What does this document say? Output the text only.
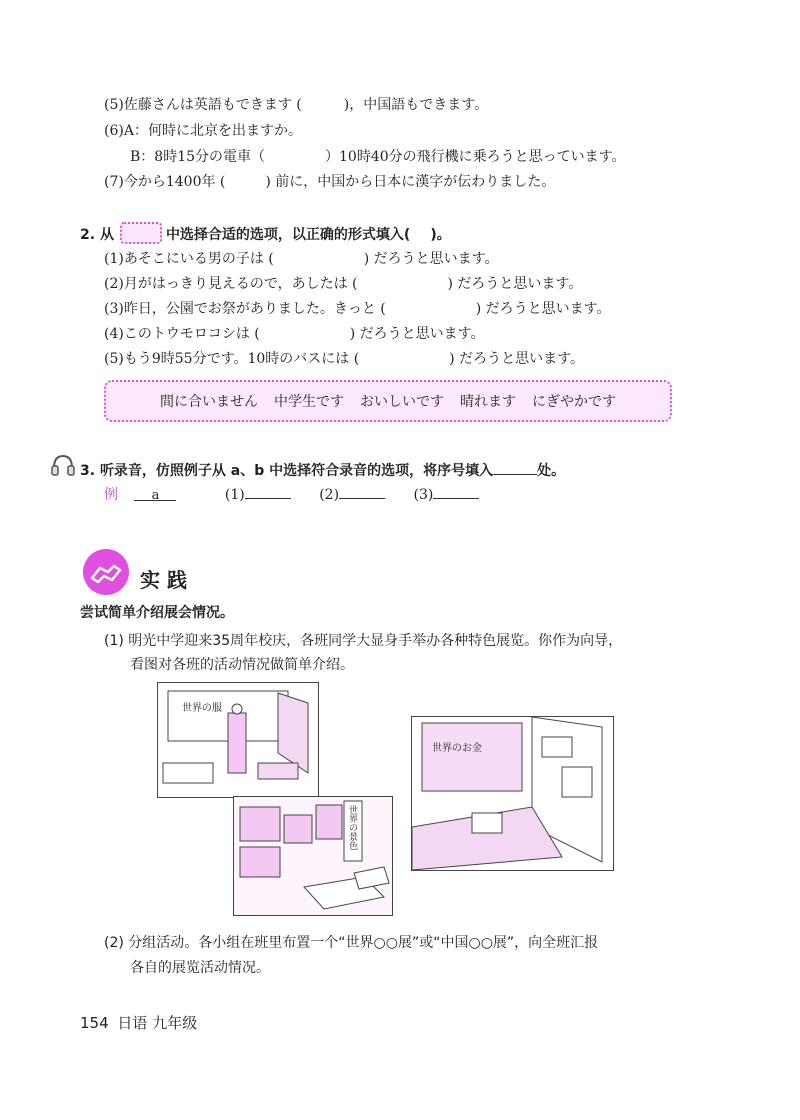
(5)佐藤さんは英語もできます (	)，中国語もできます。
(6)A：何時に北京を出ますか。
B：8時15分の電車（	）10時40分の飛行機に乗ろうと思っています。
(7)今から1400年 (	) 前に，中国から日本に漢字が伝わりました。
2. 从	中选择合适的选项，以正确的形式填入( )。
(1)あそこにいる男の子は (	) だろうと思います。
(2)月がはっきり見えるので，あしたは (	) だろうと思います。
(3)昨日，公園でお祭がありました。きっと (	) だろうと思います。
(4)このトウモロコシは (	) だろうと思います。
(5)もう9時55分です。10時のバスには (	) だろうと思います。
間に合いません 中学生です おいしいです 晴れます にぎやかです
3. 听录音，仿照例子从 a、b 中选择符合录音的选项，将序号填入	处。
例	a	(1)	(2)	(3)
实 践
尝试简单介绍展会情况。
(1) 明光中学迎来35周年校庆，各班同学大显身手举办各种特色展览。你作为向导，
看图对各班的活动情况做简单介绍。
世界の服
世界の景色
世界のお金
(2) 分组活动。各小组在班里布置一个“世界○○展”或“中国○○展”，向全班汇报
各自的展览活动情况。
154 日语 九年级
